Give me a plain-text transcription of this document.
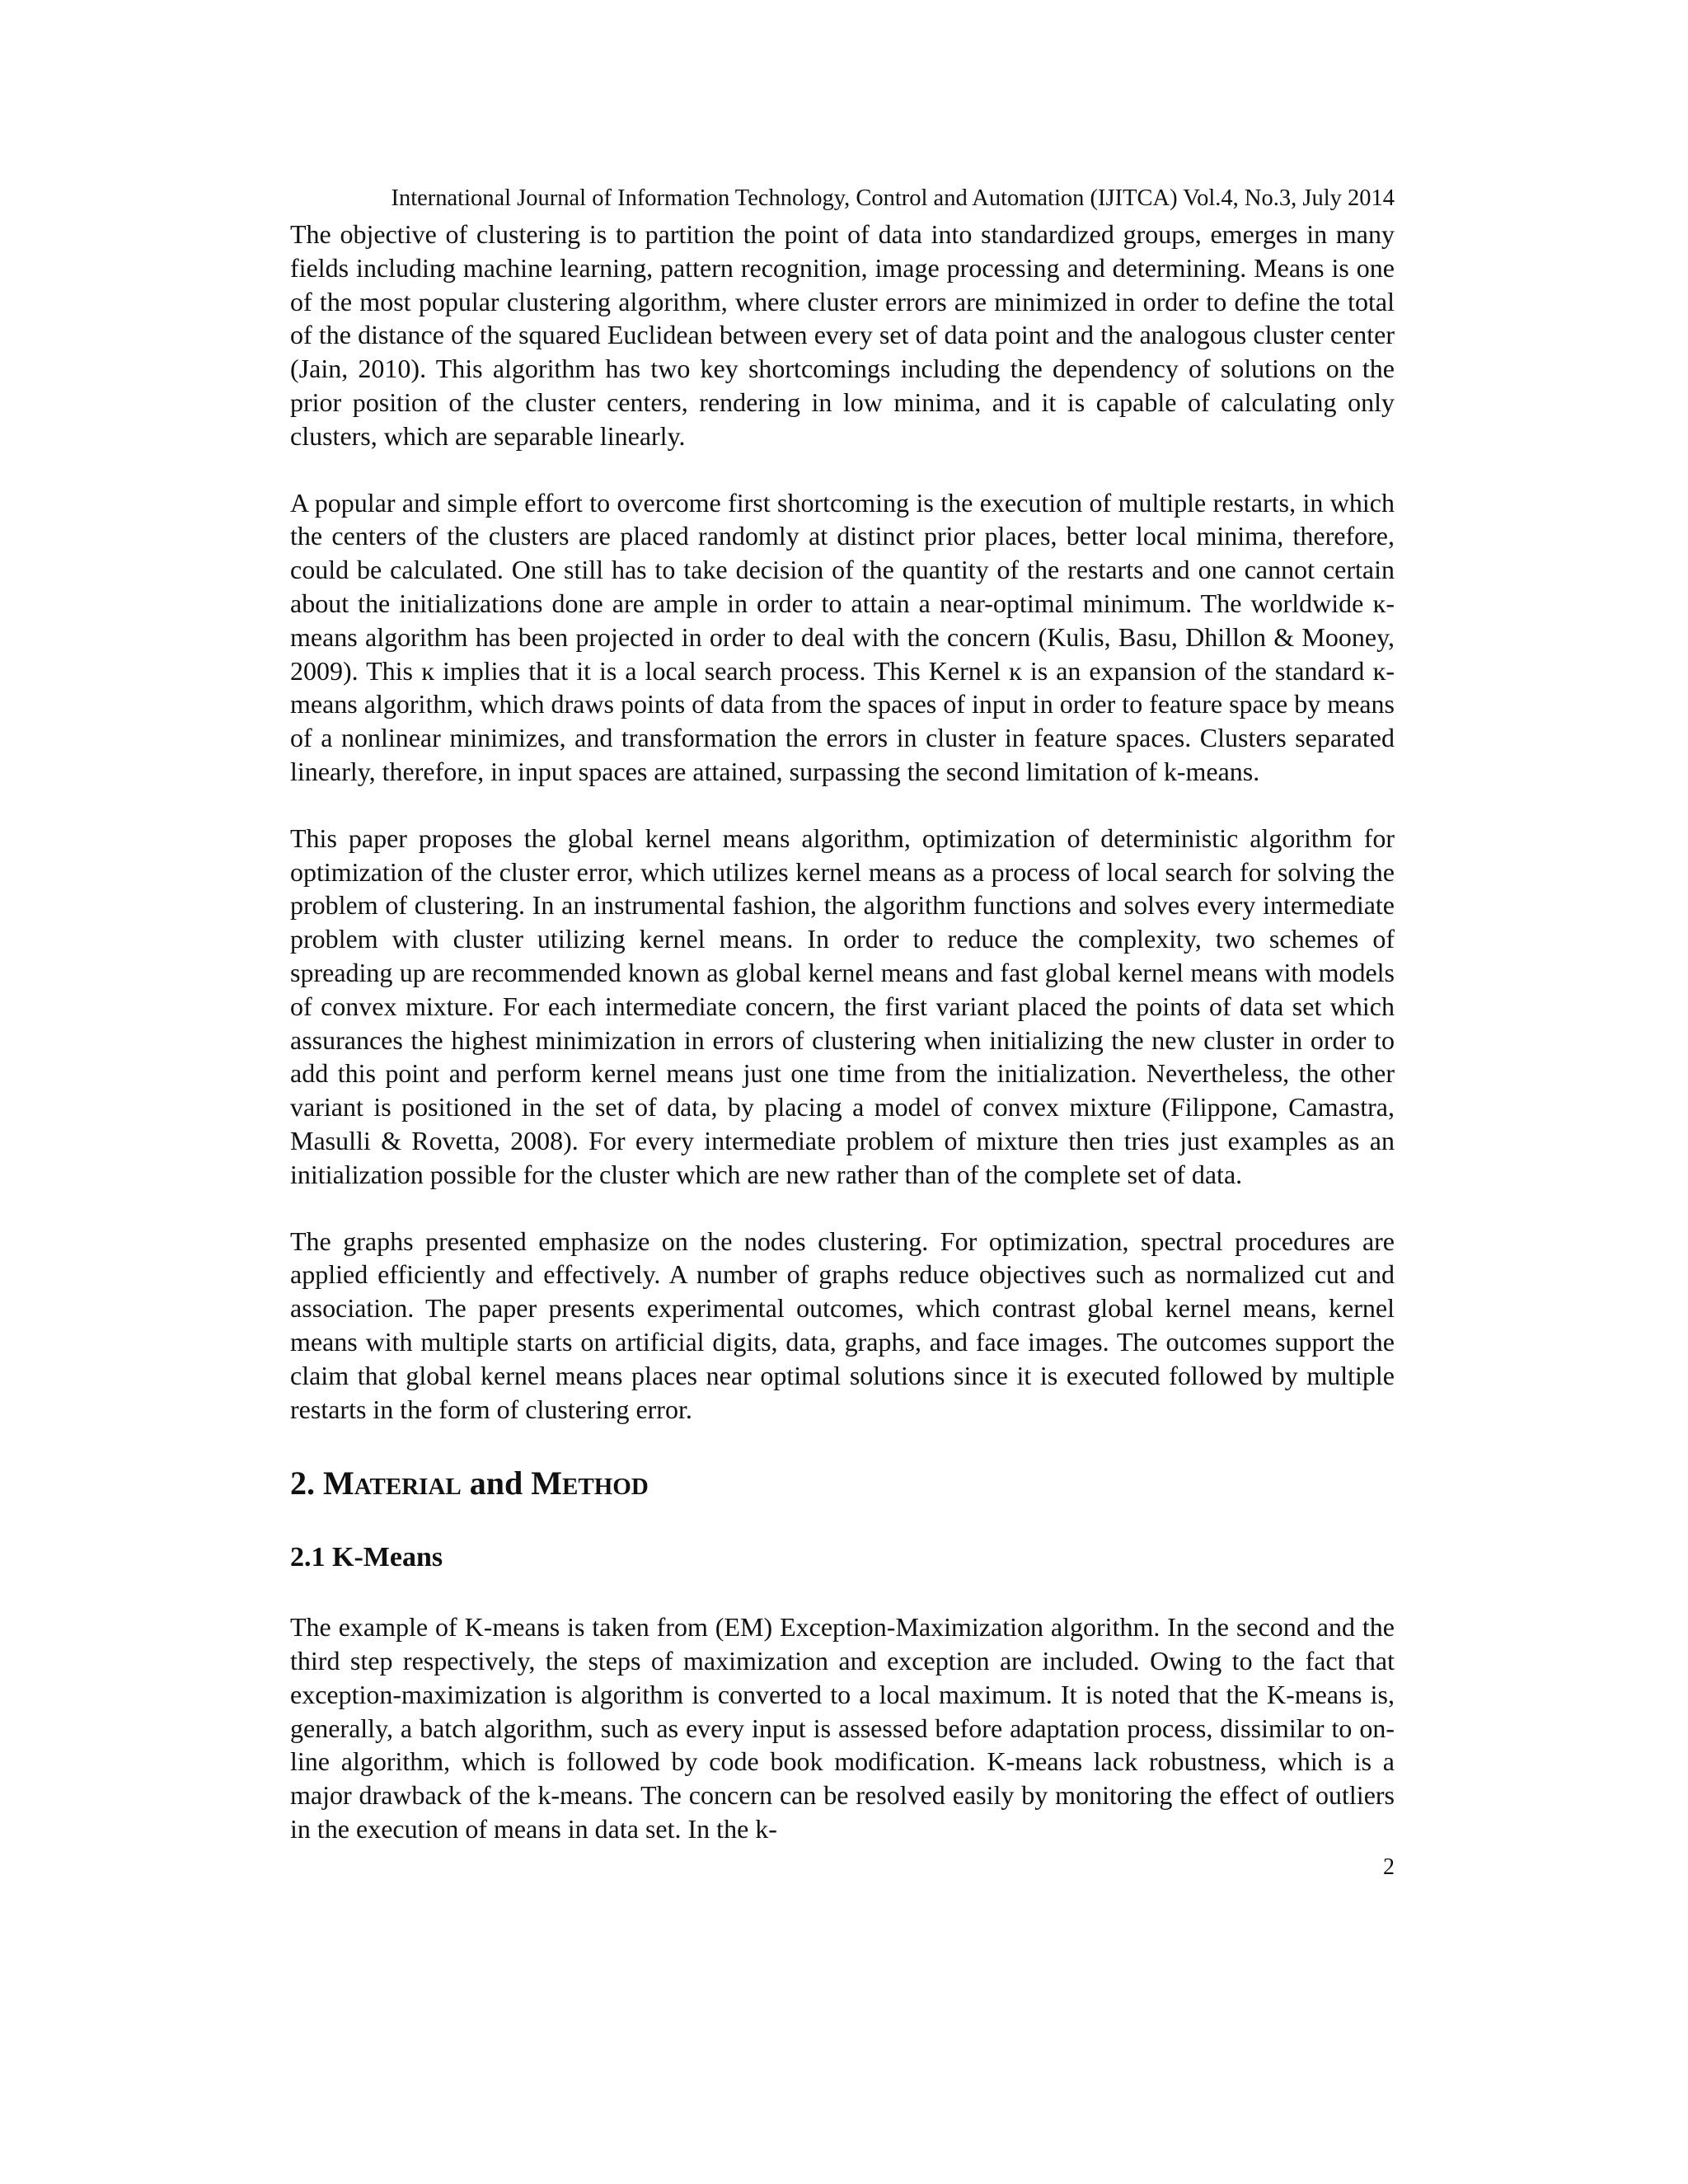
International Journal of Information Technology, Control and Automation (IJITCA) Vol.4, No.3, July 2014

The objective of clustering is to partition the point of data into standardized groups, emerges in many fields including machine learning, pattern recognition, image processing and determining. Means is one of the most popular clustering algorithm, where cluster errors are minimized in order to define the total of the distance of the squared Euclidean between every set of data point and the analogous cluster center (Jain, 2010). This algorithm has two key shortcomings including the dependency of solutions on the prior position of the cluster centers, rendering in low minima, and it is capable of calculating only clusters, which are separable linearly.

A popular and simple effort to overcome first shortcoming is the execution of multiple restarts, in which the centers of the clusters are placed randomly at distinct prior places, better local minima, therefore, could be calculated. One still has to take decision of the quantity of the restarts and one cannot certain about the initializations done are ample in order to attain a near-optimal minimum. The worldwide ĸ-means algorithm has been projected in order to deal with the concern (Kulis, Basu, Dhillon & Mooney, 2009). This ĸ implies that it is a local search process. This Kernel ĸ is an expansion of the standard ĸ-means algorithm, which draws points of data from the spaces of input in order to feature space by means of a nonlinear minimizes, and transformation the errors in cluster in feature spaces. Clusters separated linearly, therefore, in input spaces are attained, surpassing the second limitation of k-means.

This paper proposes the global kernel means algorithm, optimization of deterministic algorithm for optimization of the cluster error, which utilizes kernel means as a process of local search for solving the problem of clustering. In an instrumental fashion, the algorithm functions and solves every intermediate problem with cluster utilizing kernel means. In order to reduce the complexity, two schemes of spreading up are recommended known as global kernel means and fast global kernel means with models of convex mixture. For each intermediate concern, the first variant placed the points of data set which assurances the highest minimization in errors of clustering when initializing the new cluster in order to add this point and perform kernel means just one time from the initialization. Nevertheless, the other variant is positioned in the set of data, by placing a model of convex mixture (Filippone, Camastra, Masulli & Rovetta, 2008). For every intermediate problem of mixture then tries just examples as an initialization possible for the cluster which are new rather than of the complete set of data.

The graphs presented emphasize on the nodes clustering. For optimization, spectral procedures are applied efficiently and effectively. A number of graphs reduce objectives such as normalized cut and association. The paper presents experimental outcomes, which contrast global kernel means, kernel means with multiple starts on artificial digits, data, graphs, and face images. The outcomes support the claim that global kernel means places near optimal solutions since it is executed followed by multiple restarts in the form of clustering error.

2. MATERIAL and METHOD
2.1 K-Means

The example of K-means is taken from (EM) Exception-Maximization algorithm. In the second and the third step respectively, the steps of maximization and exception are included. Owing to the fact that exception-maximization is algorithm is converted to a local maximum. It is noted that the K-means is, generally, a batch algorithm, such as every input is assessed before adaptation process, dissimilar to on-line algorithm, which is followed by code book modification. K-means lack robustness, which is a major drawback of the k-means. The concern can be resolved easily by monitoring the effect of outliers in the execution of means in data set. In the k-

2
